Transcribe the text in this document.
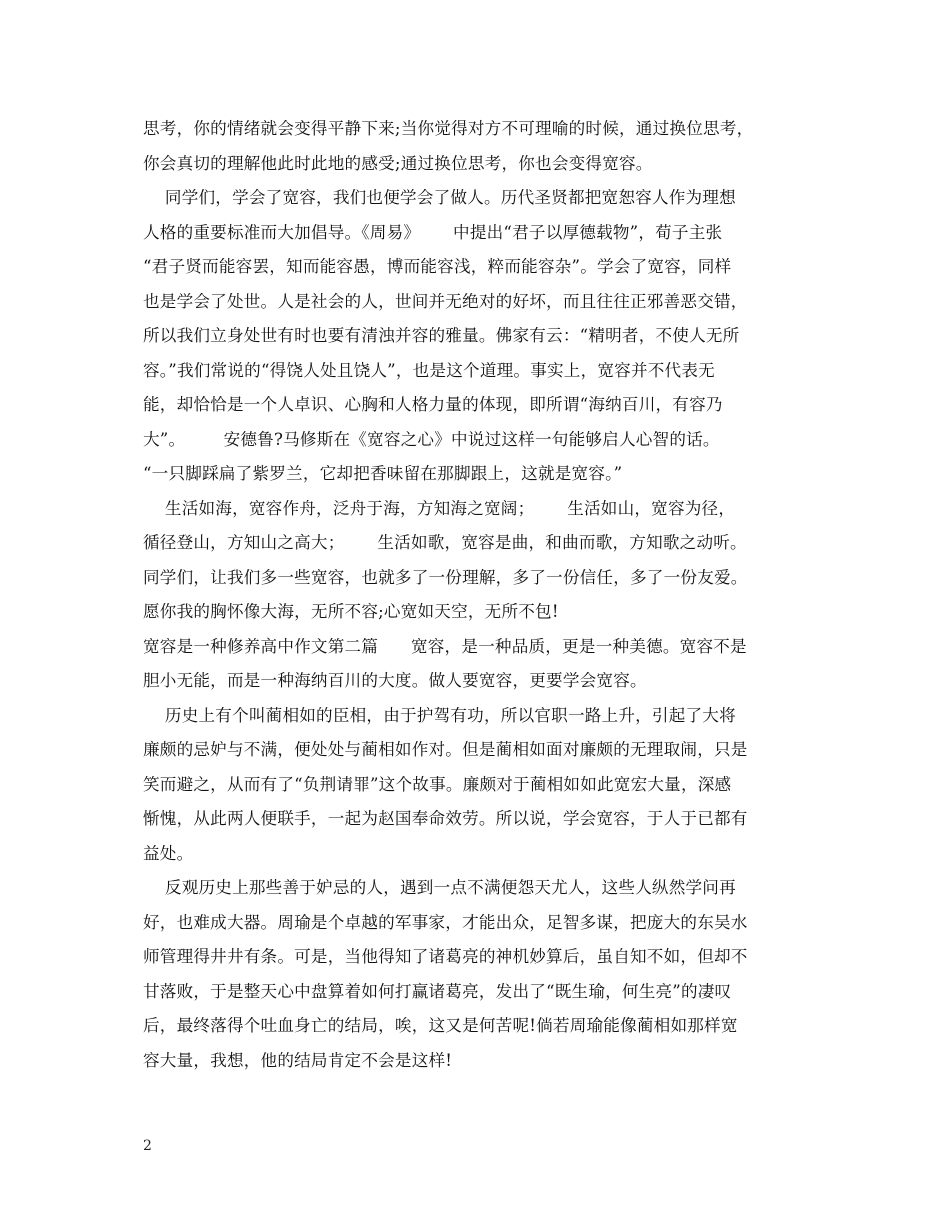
思考，你的情绪就会变得平静下来;当你觉得对方不可理喻的时候，通过换位思考，
你会真切的理解他此时此地的感受;通过换位思考，你也会变得宽容。
同学们，学会了宽容，我们也便学会了做人。历代圣贤都把宽恕容人作为理想
人格的重要标准而大加倡导。《周易》      中提出“君子以厚德载物”，荀子主张
“君子贤而能容罢，知而能容愚，博而能容浅，粹而能容杂”。学会了宽容，同样
也是学会了处世。人是社会的人，世间并无绝对的好坏，而且往往正邪善恶交错，
所以我们立身处世有时也要有清浊并容的雅量。佛家有云：“精明者，不使人无所
容。”我们常说的“得饶人处且饶人”，也是这个道理。事实上，宽容并不代表无
能，却恰恰是一个人卓识、心胸和人格力量的体现，即所谓“海纳百川，有容乃
大”。       安德鲁?马修斯在《宽容之心》中说过这样一句能够启人心智的话。
“一只脚踩扁了紫罗兰，它却把香味留在那脚跟上，这就是宽容。”
生活如海，宽容作舟，泛舟于海，方知海之宽阔；      生活如山，宽容为径，
循径登山，方知山之高大；      生活如歌，宽容是曲，和曲而歌，方知歌之动听。
同学们，让我们多一些宽容，也就多了一份理解，多了一份信任，多了一份友爱。
愿你我的胸怀像大海，无所不容;心宽如天空，无所不包!
宽容是一种修养高中作文第二篇      宽容，是一种品质，更是一种美德。宽容不是
胆小无能，而是一种海纳百川的大度。做人要宽容，更要学会宽容。
历史上有个叫蔺相如的臣相，由于护驾有功，所以官职一路上升，引起了大将
廉颇的忌妒与不满，便处处与蔺相如作对。但是蔺相如面对廉颇的无理取闹，只是
笑而避之，从而有了“负荆请罪”这个故事。廉颇对于蔺相如如此宽宏大量，深感
惭愧，从此两人便联手，一起为赵国奉命效劳。所以说，学会宽容，于人于已都有
益处。
反观历史上那些善于妒忌的人，遇到一点不满便怨天尤人，这些人纵然学问再
好，也难成大器。周瑜是个卓越的军事家，才能出众，足智多谋，把庞大的东吴水
师管理得井井有条。可是，当他得知了诸葛亮的神机妙算后，虽自知不如，但却不
甘落败，于是整天心中盘算着如何打赢诸葛亮，发出了“既生瑜，何生亮”的凄叹
后，最终落得个吐血身亡的结局，唉，这又是何苦呢!倘若周瑜能像蔺相如那样宽
容大量，我想，他的结局肯定不会是这样!
2
